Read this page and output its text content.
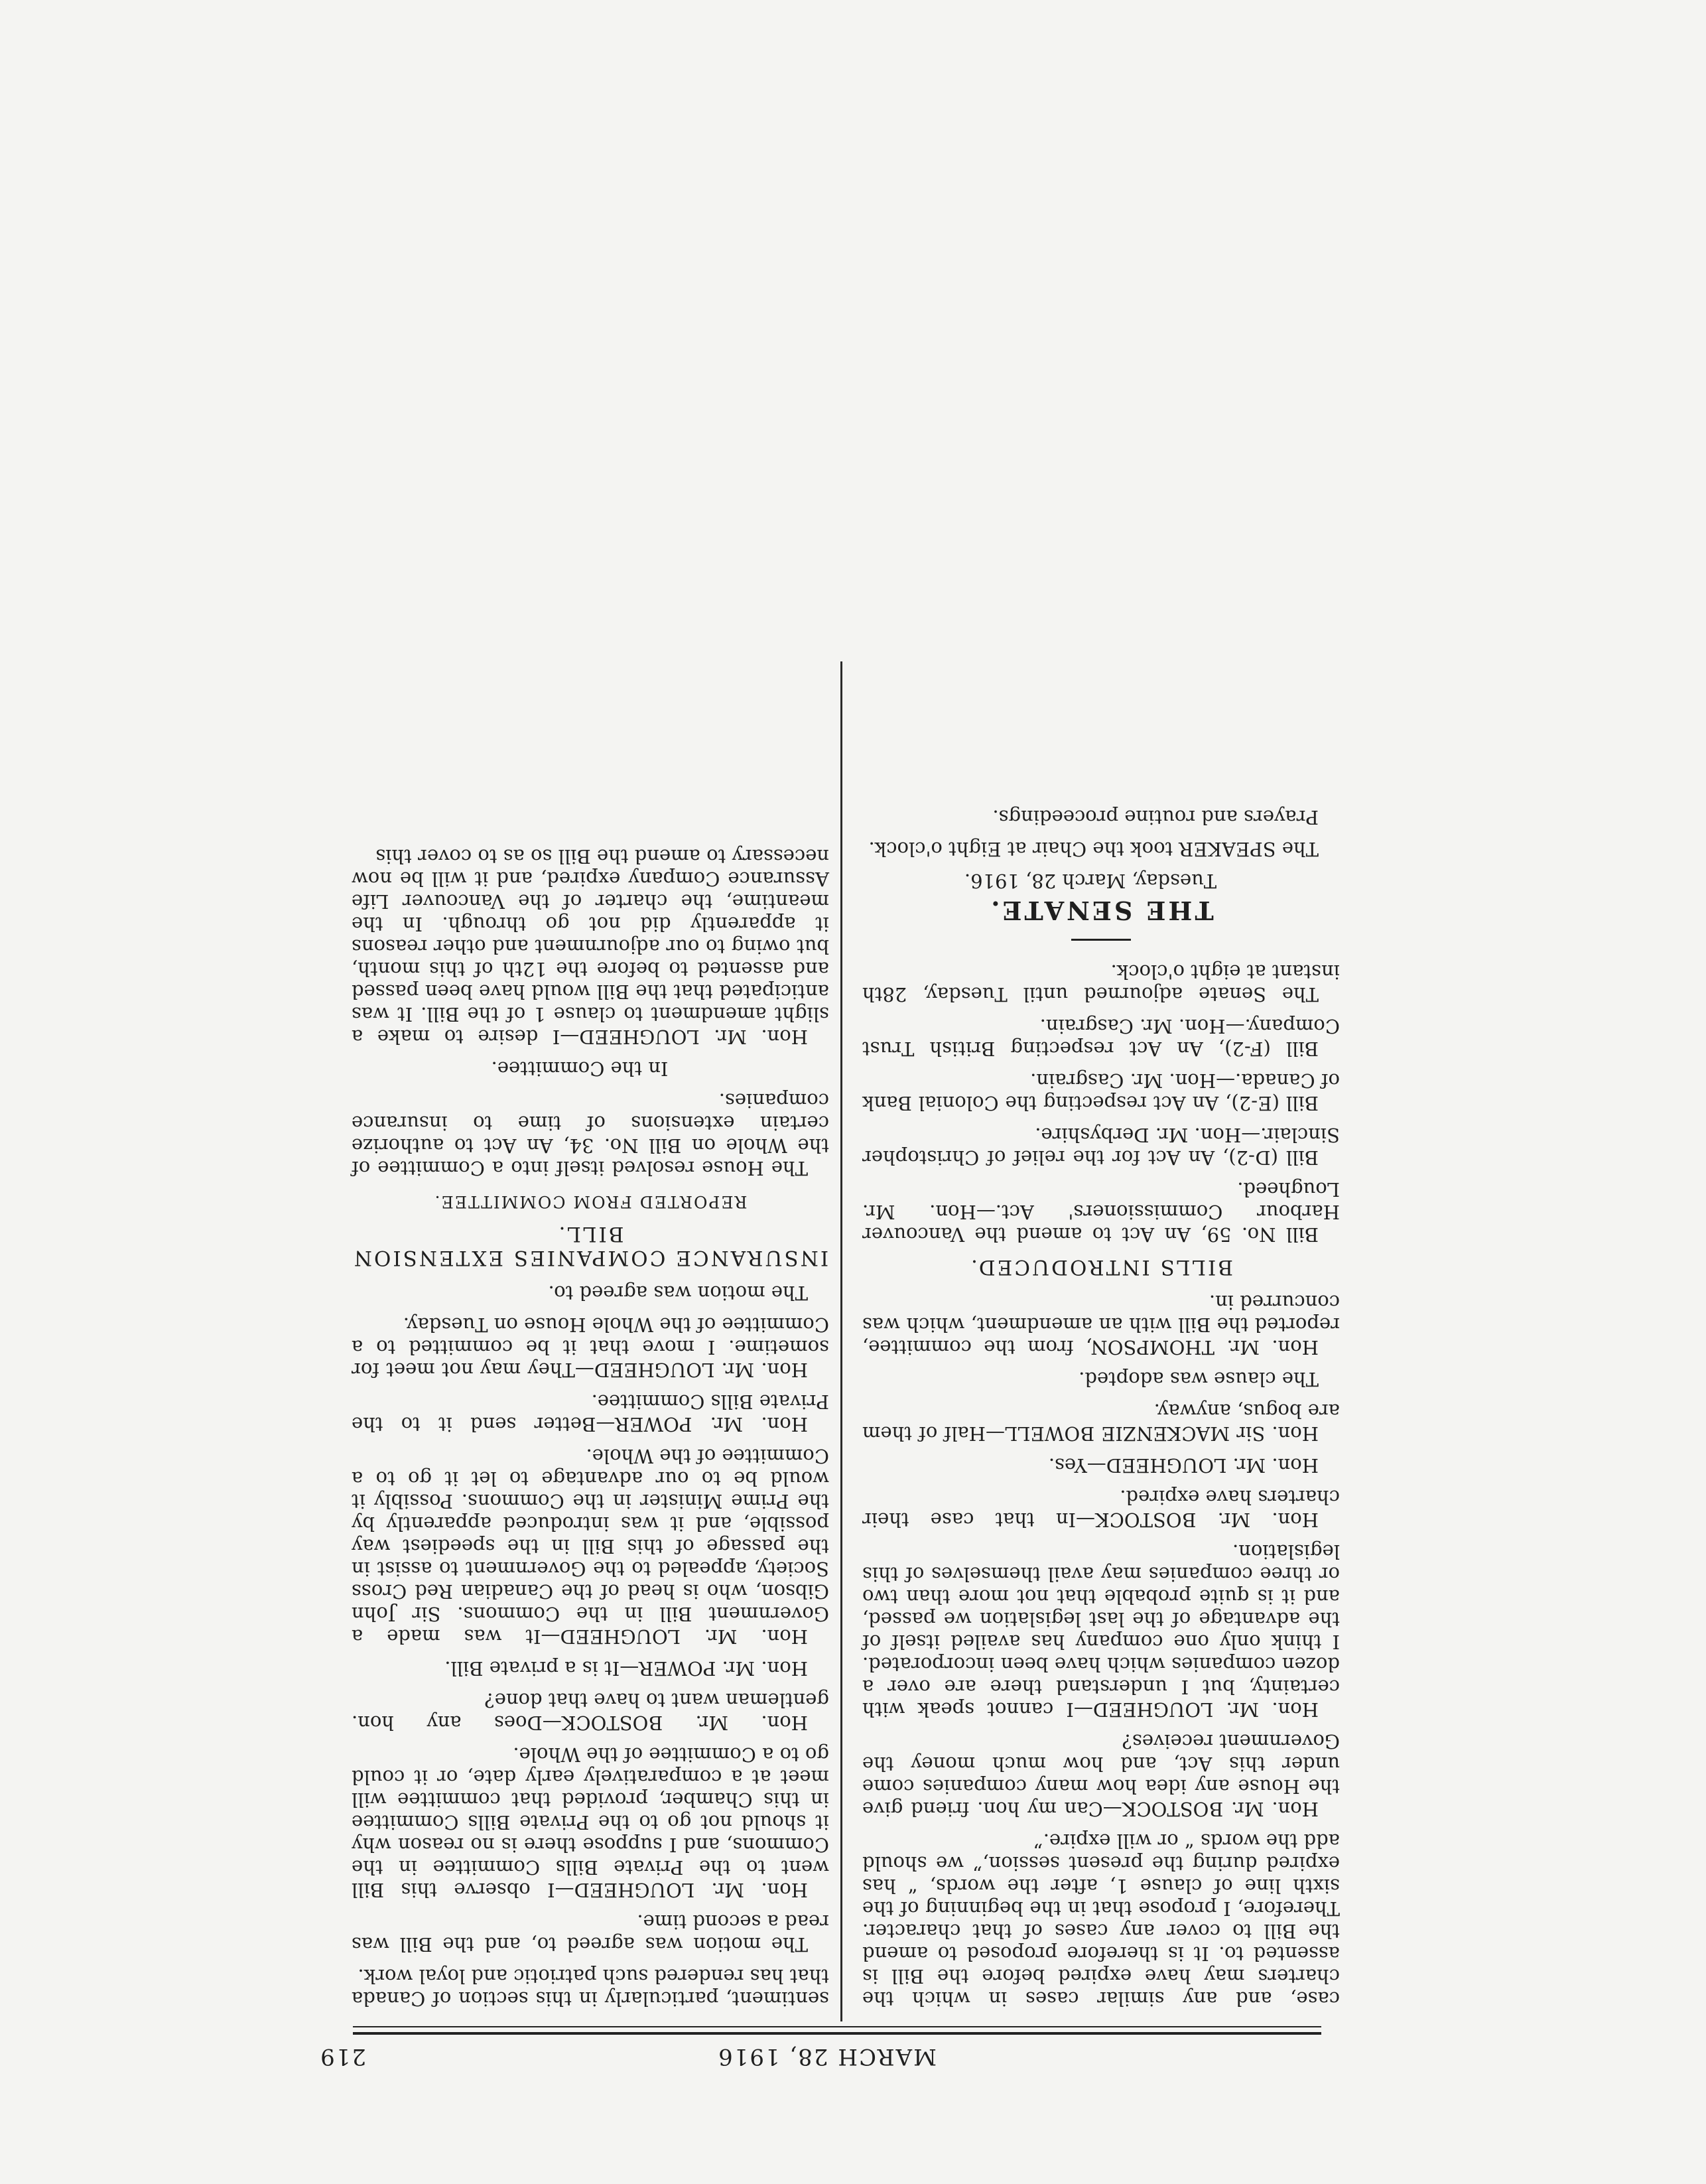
219	MARCH 28, 1916

case, and any similar cases in which the charters may have expired before the Bill is assented to. It is therefore proposed to amend the Bill to cover any cases of that character. Therefore, I propose that in the beginning of the sixth line of clause 1, after the words, “ has expired during the present session,” we should add the words “ or will expire.”

Hon. Mr. BOSTOCK—Can my hon. friend give the House any idea how many companies come under this Act, and how much money the Government receives?

Hon. Mr. LOUGHEED—I cannot speak with certainty, but I understand there are over a dozen companies which have been incorporated. I think only one company has availed itself of the advantage of the last legislation we passed, and it is quite probable that not more than two or three companies may avail themselves of this legislation.

Hon. Mr. BOSTOCK—In that case their charters have expired.

Hon. Mr. LOUGHEED—Yes.

Hon. Sir MACKENZIE BOWELL—Half of them are bogus, anyway.

The clause was adopted.

Hon. Mr. THOMPSON, from the committee, reported the Bill with an amendment, which was concurred in.

BILLS INTRODUCED.

Bill No. 59, An Act to amend the Vancouver Harbour Commissioners' Act.—Hon. Mr. Lougheed.

Bill (D-2), An Act for the relief of Christopher Sinclair.—Hon. Mr. Derbyshire.

Bill (E-2), An Act respecting the Colonial Bank of Canada.—Hon. Mr. Casgrain.

Bill (F-2), An Act respecting British Trust Company.—Hon. Mr. Casgrain.

The Senate adjourned until Tuesday, 28th instant at eight o'clock.

THE SENATE.

Tuesday, March 28, 1916.

The SPEAKER took the Chair at Eight o'clock.

Prayers and routine proceedings.

sentiment, particularly in this section of Canada that has rendered such patriotic and loyal work.

The motion was agreed to, and the Bill was read a second time.

Hon. Mr. LOUGHEED—I observe this Bill went to the Private Bills Committee in the Commons, and I suppose there is no reason why it should not go to the Private Bills Committee in this Chamber, provided that committee will meet at a comparatively early date, or it could go to a Committee of the Whole.

Hon. Mr. BOSTOCK—Does any hon. gentleman want to have that done?

Hon. Mr. POWER—It is a private Bill.

Hon. Mr. LOUGHEED—It was made a Government Bill in the Commons. Sir John Gibson, who is head of the Canadian Red Cross Society, appealed to the Government to assist in the passage of this Bill in the speediest way possible, and it was introduced apparently by the Prime Minister in the Commons. Possibly it would be to our advantage to let it go to a Committee of the Whole.

Hon. Mr. POWER—Better send it to the Private Bills Committee.

Hon. Mr. LOUGHEED—They may not meet for sometime. I move that it be committed to a Committee of the Whole House on Tuesday.

The motion was agreed to.

INSURANCE COMPANIES EXTENSION BILL.
REPORTED FROM COMMITTEE.

The House resolved itself into a Committee of the Whole on Bill No. 34, An Act to authorize certain extensions of time to insurance companies.

In the Committee.

Hon. Mr. LOUGHEED—I desire to make a slight amendment to clause 1 of the Bill. It was anticipated that the Bill would have been passed and assented to before the 12th of this month, but owing to our adjournment and other reasons it apparently did not go through. In the meantime, the charter of the Vancouver Life Assurance Company expired, and it will be now necessary to amend the Bill so as to cover this
